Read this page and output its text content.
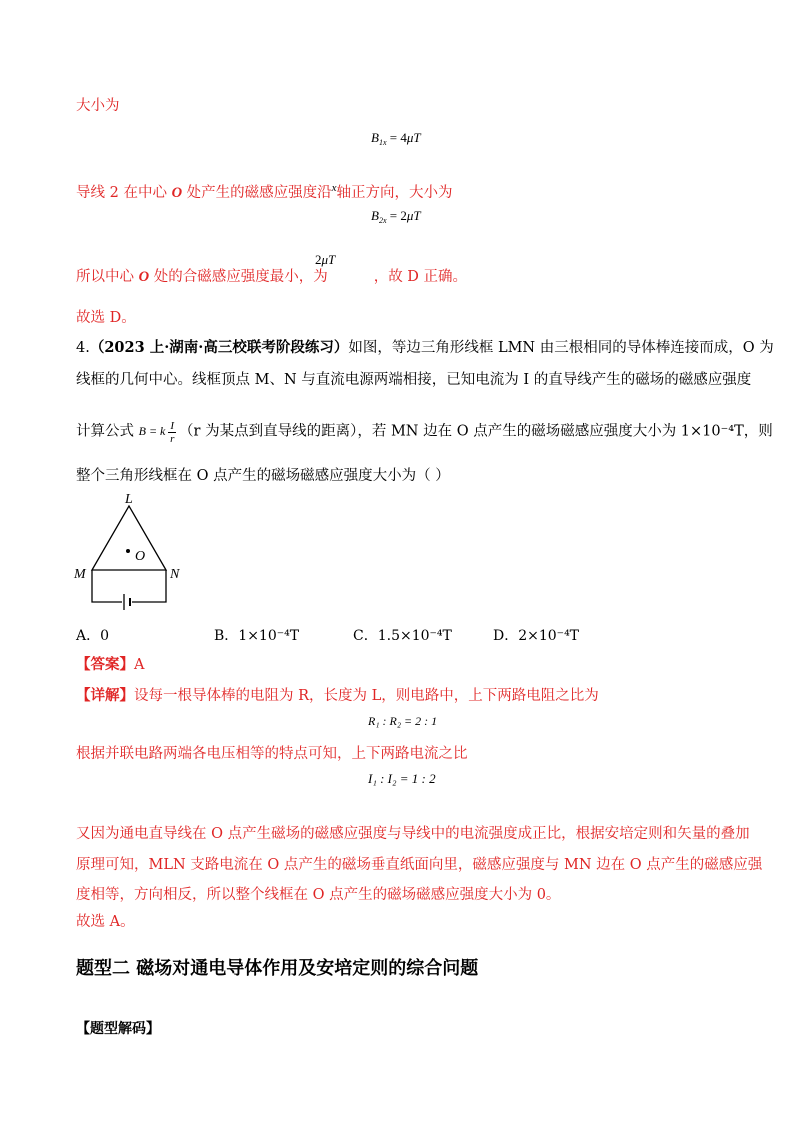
大小为
$B_{1x} = 4\mu T$
导线 2 在中心 O 处产生的磁感应强度沿$^x$轴正方向，大小为
$B_{2x} = 2\mu T$
2μT
所以中心 O 处的合磁感应强度最小，为	，故 D 正确。
故选 D。
4.（2023 上·湖南·高三校联考阶段练习）如图，等边三角形线框 LMN 由三根相同的导体棒连接而成，O 为
线框的几何中心。线框顶点 M、N 与直流电源两端相接，已知电流为 I 的直导线产生的磁场的磁感应强度
计算公式 B = k $\frac{I}{r} (r$ 为某点到直导线的距离），若 MN 边在 O 点产生的磁场磁感应强度大小为 1×10⁻⁴T，则
整个三角形线框在 O 点产生的磁场磁感应强度大小为（ ）
L
M	N
O
A．0	B．1×10⁻⁴T	C．1.5×10⁻⁴T	D．2×10⁻⁴T
【答案】A
【详解】设每一根导体棒的电阻为 R，长度为 L，则电路中，上下两路电阻之比为
R₁ : R₂ = 2 : 1
根据并联电路两端各电压相等的特点可知，上下两路电流之比
I₁ : I₂ = 1 : 2
又因为通电直导线在 O 点产生磁场的磁感应强度与导线中的电流强度成正比，根据安培定则和矢量的叠加
原理可知，MLN 支路电流在 O 点产生的磁场垂直纸面向里，磁感应强度与 MN 边在 O 点产生的磁感应强
度相等，方向相反，所以整个线框在 O 点产生的磁场磁感应强度大小为 0。
故选 A。
题型二 磁场对通电导体作用及安培定则的综合问题
【题型解码】
